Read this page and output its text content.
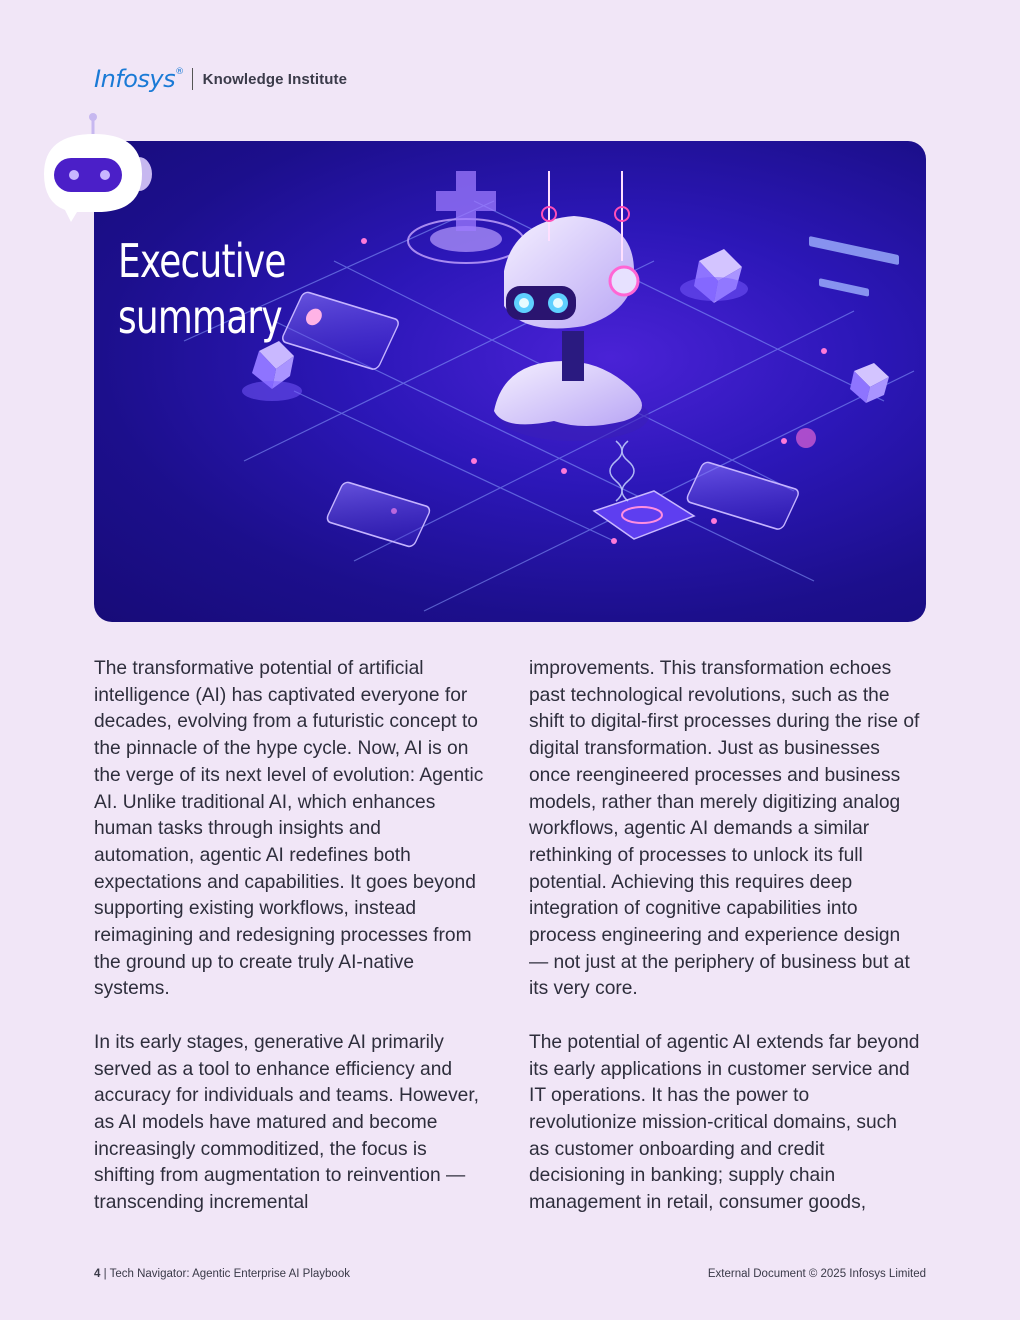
Infosys® Knowledge Institute
Executive
summary

The transformative potential of artificial intelligence (AI) has captivated everyone for decades, evolving from a futuristic concept to the pinnacle of the hype cycle. Now, AI is on the verge of its next level of evolution: Agentic AI. Unlike traditional AI, which enhances human tasks through insights and automation, agentic AI redefines both expectations and capabilities. It goes beyond supporting existing workflows, instead reimagining and redesigning processes from the ground up to create truly AI-native systems.

In its early stages, generative AI primarily served as a tool to enhance efficiency and accuracy for individuals and teams. However, as AI models have matured and become increasingly commoditized, the focus is shifting from augmentation to reinvention — transcending incremental

improvements. This transformation echoes past technological revolutions, such as the shift to digital-first processes during the rise of digital transformation. Just as businesses once reengineered processes and business models, rather than merely digitizing analog workflows, agentic AI demands a similar rethinking of processes to unlock its full potential. Achieving this requires deep integration of cognitive capabilities into process engineering and experience design — not just at the periphery of business but at its very core.

The potential of agentic AI extends far beyond its early applications in customer service and IT operations. It has the power to revolutionize mission-critical domains, such as customer onboarding and credit decisioning in banking; supply chain management in retail, consumer goods,

4 | Tech Navigator: Agentic Enterprise AI Playbook	External Document © 2025 Infosys Limited
